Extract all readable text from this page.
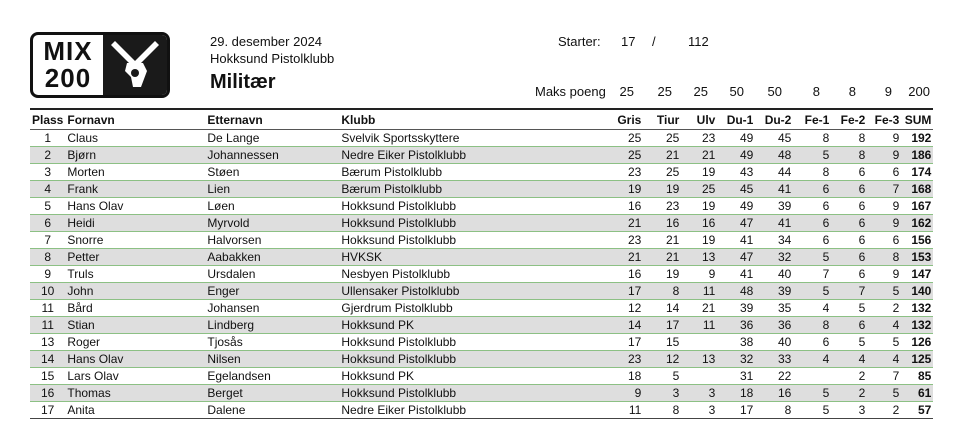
MIX
200
29. desember 2024
Hokksund Pistolklubb
Militær
Starter: 17 / 112
Maks poeng	25	25	25	50	50	8	8	9	200
Plass	Fornavn	Etternavn	Klubb	Gris	Tiur	Ulv	Du-1	Du-2	Fe-1	Fe-2	Fe-3	SUM
1	Claus	De Lange	Svelvik Sportsskyttere	25	25	23	49	45	8	8	9	192
2	Bjørn	Johannessen	Nedre Eiker Pistolklubb	25	21	21	49	48	5	8	9	186
3	Morten	Støen	Bærum Pistolklubb	23	25	19	43	44	8	6	6	174
4	Frank	Lien	Bærum Pistolklubb	19	19	25	45	41	6	6	7	168
5	Hans Olav	Løen	Hokksund Pistolklubb	16	23	19	49	39	6	6	9	167
6	Heidi	Myrvold	Hokksund Pistolklubb	21	16	16	47	41	6	6	9	162
7	Snorre	Halvorsen	Hokksund Pistolklubb	23	21	19	41	34	6	6	6	156
8	Petter	Aabakken	HVKSK	21	21	13	47	32	5	6	8	153
9	Truls	Ursdalen	Nesbyen Pistolklubb	16	19	9	41	40	7	6	9	147
10	John	Enger	Ullensaker Pistolklubb	17	8	11	48	39	5	7	5	140
11	Bård	Johansen	Gjerdrum Pistolklubb	12	14	21	39	35	4	5	2	132
11	Stian	Lindberg	Hokksund PK	14	17	11	36	36	8	6	4	132
13	Roger	Tjosås	Hokksund Pistolklubb	17	15		38	40	6	5	5	126
14	Hans Olav	Nilsen	Hokksund Pistolklubb	23	12	13	32	33	4	4	4	125
15	Lars Olav	Egelandsen	Hokksund PK	18	5		31	22		2	7	85
16	Thomas	Berget	Hokksund Pistolklubb	9	3	3	18	16	5	2	5	61
17	Anita	Dalene	Nedre Eiker Pistolklubb	11	8	3	17	8	5	3	2	57
